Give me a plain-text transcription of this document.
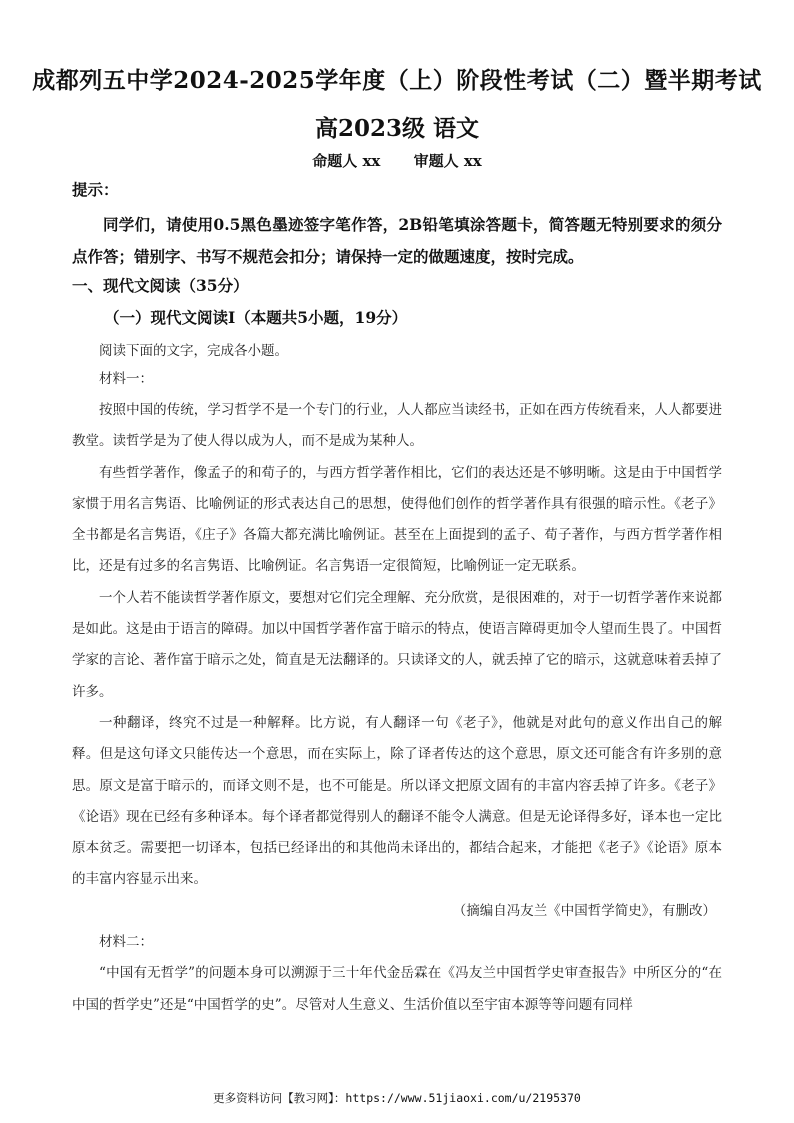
成都列五中学2024-2025学年度（上）阶段性考试（二）暨半期考试
高2023级 语文
命题人 xx 审题人 xx
提示：
同学们，请使用0.5黑色墨迹签字笔作答，2B铅笔填涂答题卡，简答题无特别要求的须分点作答；错别字、书写不规范会扣分；请保持一定的做题速度，按时完成。
一、现代文阅读（35分）
（一）现代文阅读Ⅰ（本题共5小题，19分）

阅读下面的文字，完成各小题。

材料一：

按照中国的传统，学习哲学不是一个专门的行业，人人都应当读经书，正如在西方传统看来，人人都要进教堂。读哲学是为了使人得以成为人，而不是成为某种人。

有些哲学著作，像孟子的和荀子的，与西方哲学著作相比，它们的表达还是不够明晰。这是由于中国哲学家惯于用名言隽语、比喻例证的形式表达自己的思想，使得他们创作的哲学著作具有很强的暗示性。《老子》全书都是名言隽语，《庄子》各篇大都充满比喻例证。甚至在上面提到的孟子、荀子著作，与西方哲学著作相比，还是有过多的名言隽语、比喻例证。名言隽语一定很简短，比喻例证一定无联系。

一个人若不能读哲学著作原文，要想对它们完全理解、充分欣赏，是很困难的，对于一切哲学著作来说都是如此。这是由于语言的障碍。加以中国哲学著作富于暗示的特点，使语言障碍更加令人望而生畏了。中国哲学家的言论、著作富于暗示之处，简直是无法翻译的。只读译文的人，就丢掉了它的暗示，这就意味着丢掉了许多。

一种翻译，终究不过是一种解释。比方说，有人翻译一句《老子》，他就是对此句的意义作出自己的解释。但是这句译文只能传达一个意思，而在实际上，除了译者传达的这个意思，原文还可能含有许多别的意思。原文是富于暗示的，而译文则不是，也不可能是。所以译文把原文固有的丰富内容丢掉了许多。《老子》《论语》现在已经有多种译本。每个译者都觉得别人的翻译不能令人满意。但是无论译得多好，译本也一定比原本贫乏。需要把一切译本，包括已经译出的和其他尚未译出的，都结合起来，才能把《老子》《论语》原本的丰富内容显示出来。

（摘编自冯友兰《中国哲学简史》，有删改）

材料二：

“中国有无哲学”的问题本身可以溯源于三十年代金岳霖在《冯友兰中国哲学史审查报告》中所区分的“在中国的哲学史”还是“中国哲学的史”。尽管对人生意义、生活价值以至宇宙本源等等问题有同样

更多资料访问【教习网】：https://www.51jiaoxi.com/u/2195370
